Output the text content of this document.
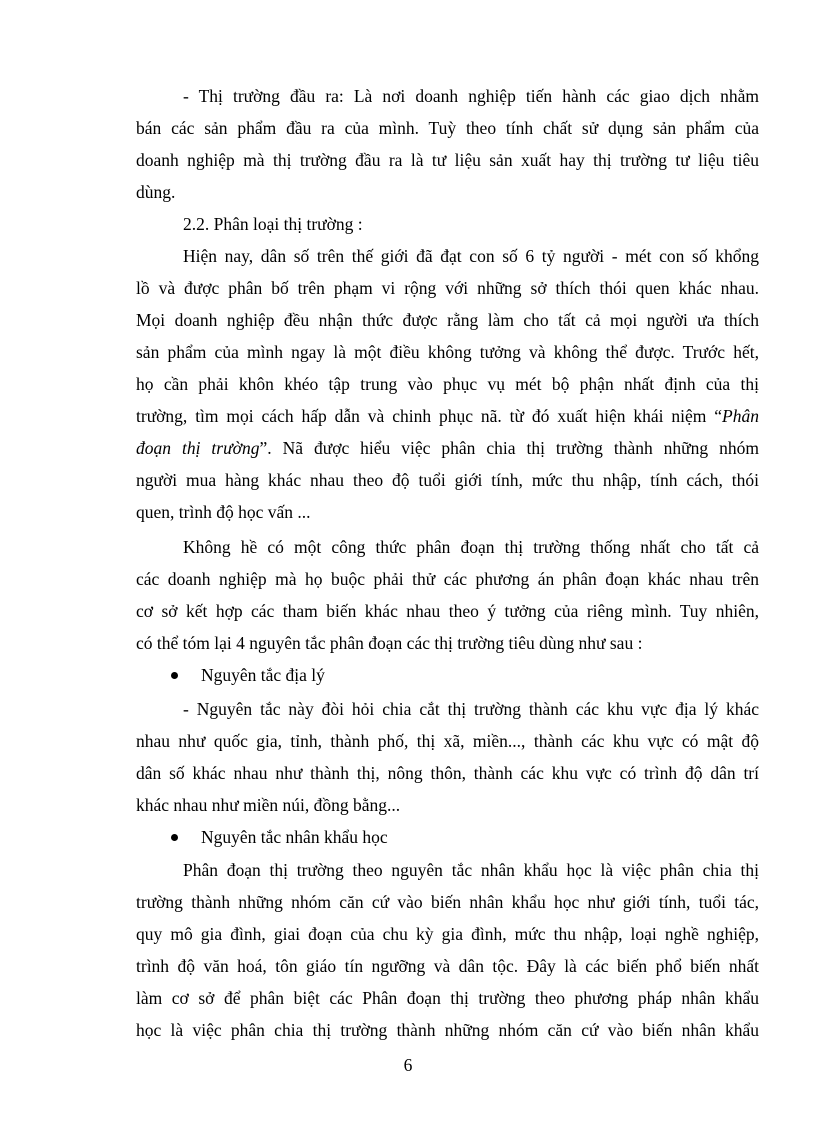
- Thị trường đầu ra: Là nơi doanh nghiệp tiến hành các giao dịch nhằm
bán các sản phẩm đầu ra của mình. Tuỳ theo tính chất sử dụng sản phẩm của
doanh nghiệp mà thị trường đầu ra là tư liệu sản xuất hay thị trường tư liệu tiêu
dùng.
2.2. Phân loại thị trường :
Hiện nay, dân số trên thế giới đã đạt con số 6 tỷ người - mét con số khổng
lồ và được phân bố trên phạm vi rộng với những sở thích thói quen khác nhau.
Mọi doanh nghiệp đều nhận thức được rằng làm cho tất cả mọi người ưa thích
sản phẩm của mình ngay là một điều không tưởng và không thể được. Trước hết,
họ cần phải khôn khéo tập trung vào phục vụ mét bộ phận nhất định của thị
trường, tìm mọi cách hấp dẫn và chinh phục nã. từ đó xuất hiện khái niệm “Phân
đoạn thị trường”. Nã được hiểu việc phân chia thị trường thành những nhóm
người mua hàng khác nhau theo độ tuổi giới tính, mức thu nhập, tính cách, thói
quen, trình độ học vấn ...
Không hề có một công thức phân đoạn thị trường thống nhất cho tất cả
các doanh nghiệp mà họ buộc phải thử các phương án phân đoạn khác nhau trên
cơ sở kết hợp các tham biến khác nhau theo ý tưởng của riêng mình. Tuy nhiên,
có thể tóm lại 4 nguyên tắc phân đoạn các thị trường tiêu dùng như sau :
Nguyên tắc địa lý
- Nguyên tắc này đòi hỏi chia cắt thị trường thành các khu vực địa lý khác
nhau như quốc gia, tỉnh, thành phố, thị xã, miền..., thành các khu vực có mật độ
dân số khác nhau như thành thị, nông thôn, thành các khu vực có trình độ dân trí
khác nhau như miền núi, đồng bằng...
Nguyên tắc nhân khẩu học
Phân đoạn thị trường theo nguyên tắc nhân khẩu học là việc phân chia thị
trường thành những nhóm căn cứ vào biến nhân khẩu học như giới tính, tuổi tác,
quy mô gia đình, giai đoạn của chu kỳ gia đình, mức thu nhập, loại nghề nghiệp,
trình độ văn hoá, tôn giáo tín ngưỡng và dân tộc. Đây là các biến phổ biến nhất
làm cơ sở để phân biệt các Phân đoạn thị trường theo phương pháp nhân khẩu
học là việc phân chia thị trường thành những nhóm căn cứ vào biến nhân khẩu
6
